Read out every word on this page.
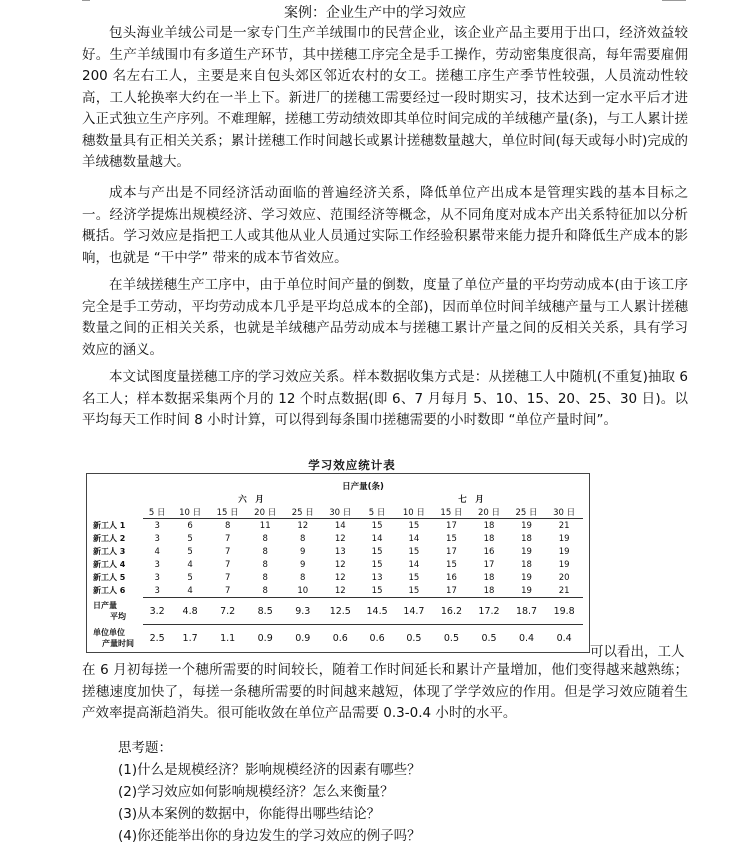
案例：企业生产中的学习效应

包头海业羊绒公司是一家专门生产羊绒围巾的民营企业，该企业产品主要用于出口，经济效益较好。生产羊绒围巾有多道生产环节，其中搓穗工序完全是手工操作，劳动密集度很高，每年需要雇佣 200 名左右工人，主要是来自包头郊区邻近农村的女工。搓穗工序生产季节性较强，人员流动性较高，工人轮换率大约在一半上下。新进厂的搓穗工需要经过一段时期实习，技术达到一定水平后才进入正式独立生产序列。不难理解，搓穗工劳动绩效即其单位时间完成的羊绒穗产量(条)，与工人累计搓穗数量具有正相关关系；累计搓穗工作时间越长或累计搓穗数量越大，单位时间(每天或每小时)完成的羊绒穗数量越大。

成本与产出是不同经济活动面临的普遍经济关系，降低单位产出成本是管理实践的基本目标之一。经济学提炼出规模经济、学习效应、范围经济等概念，从不同角度对成本产出关系特征加以分析概括。学习效应是指把工人或其他从业人员通过实际工作经验积累带来能力提升和降低生产成本的影响，也就是 “干中学” 带来的成本节省效应。

在羊绒搓穗生产工序中，由于单位时间产量的倒数，度量了单位产量的平均劳动成本(由于该工序完全是手工劳动，平均劳动成本几乎是平均总成本的全部)，因而单位时间羊绒穗产量与工人累计搓穗数量之间的正相关关系，也就是羊绒穗产品劳动成本与搓穗工累计产量之间的反相关关系，具有学习效应的涵义。

本文试图度量搓穗工序的学习效应关系。样本数据收集方式是：从搓穗工人中随机(不重复)抽取 6 名工人；样本数据采集两个月的 12 个时点数据(即 6、7 月每月 5、10、15、20、25、30 日)。以平均每天工作时间 8 小时计算，可以得到每条围巾搓穗需要的小时数即 “单位产量时间”。

学习效应统计表
	日产量(条)											
	六　月						七　月					
	5 日	10 日	15 日	20 日	25 日	30 日	5 日	10 日	15 日	20 日	25 日	30 日
新工人 1	3	6	8	11	12	14	15	15	17	18	19	21
新工人 2	3	5	7	8	8	12	14	14	15	18	18	19
新工人 3	4	5	7	8	9	13	15	15	17	16	19	19
新工人 4	3	4	7	8	9	12	15	14	15	17	18	19
新工人 5	3	5	7	8	8	12	13	15	16	18	19	20
新工人 6	3	4	7	8	10	12	15	15	17	18	19	21

日产量
平均	3.2	4.8	7.2	8.5	9.3	12.5	14.5	14.7	16.2	17.2	18.7	19.8

单位单位
产量时间	2.5	1.7	1.1	0.9	0.9	0.6	0.6	0.5	0.5	0.5	0.4	0.4
可以看出，工人

在 6 月初每搓一个穗所需要的时间较长，随着工作时间延长和累计产量增加，他们变得越来越熟练；搓穗速度加快了，每搓一条穗所需要的时间越来越短，体现了学学效应的作用。但是学习效应随着生产效率提高渐趋消失。很可能收敛在单位产品需要 0.3-0.4 小时的水平。

思考题：
(1)什么是规模经济？影响规模经济的因素有哪些？
(2)学习效应如何影响规模经济？怎么来衡量？
(3)从本案例的数据中，你能得出哪些结论？
(4)你还能举出你的身边发生的学习效应的例子吗？
